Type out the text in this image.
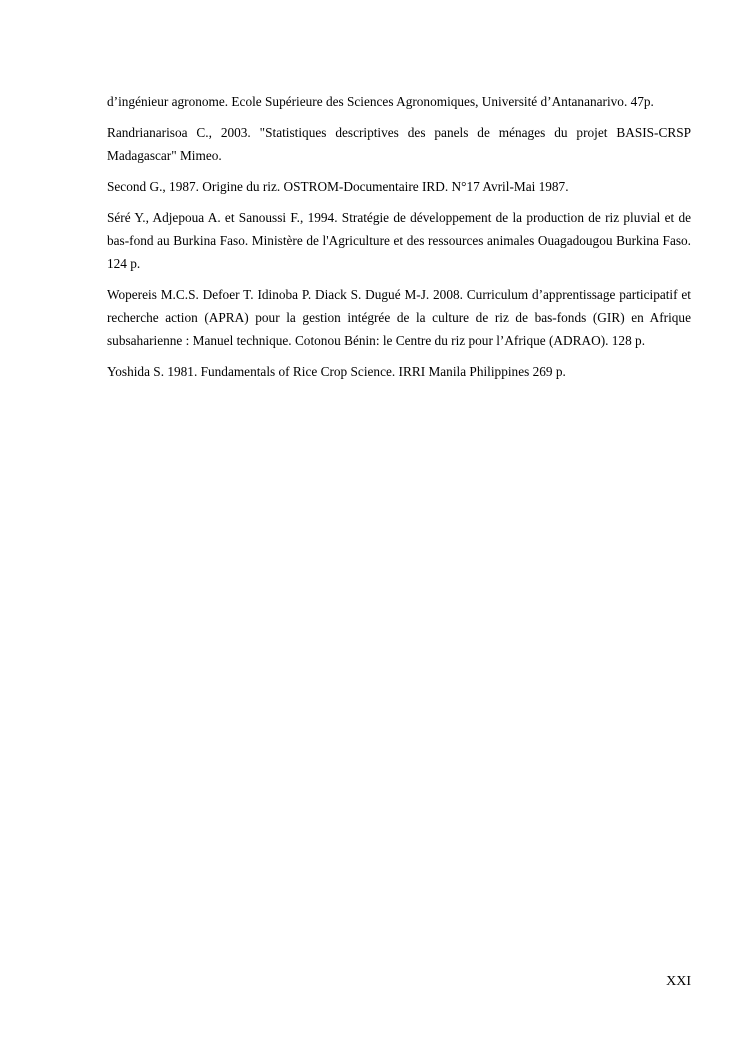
d’ingénieur agronome. Ecole Supérieure des Sciences Agronomiques, Université d’Antananarivo. 47p.

Randrianarisoa C., 2003. "Statistiques descriptives des panels de ménages du projet BASIS-CRSP Madagascar" Mimeo.

Second G., 1987. Origine du riz. OSTROM-Documentaire IRD. N°17 Avril-Mai 1987.

Séré Y., Adjepoua A. et Sanoussi F., 1994. Stratégie de développement de la production de riz pluvial et de bas-fond au Burkina Faso. Ministère de l'Agriculture et des ressources animales Ouagadougou Burkina Faso. 124 p.

Wopereis M.C.S. Defoer T. Idinoba P. Diack S. Dugué M-J. 2008. Curriculum d’apprentissage participatif et recherche action (APRA) pour la gestion intégrée de la culture de riz de bas-fonds (GIR) en Afrique subsaharienne : Manuel technique. Cotonou Bénin: le Centre du riz pour l’Afrique (ADRAO). 128 p.

Yoshida S. 1981. Fundamentals of Rice Crop Science. IRRI Manila Philippines 269 p.

XXI
